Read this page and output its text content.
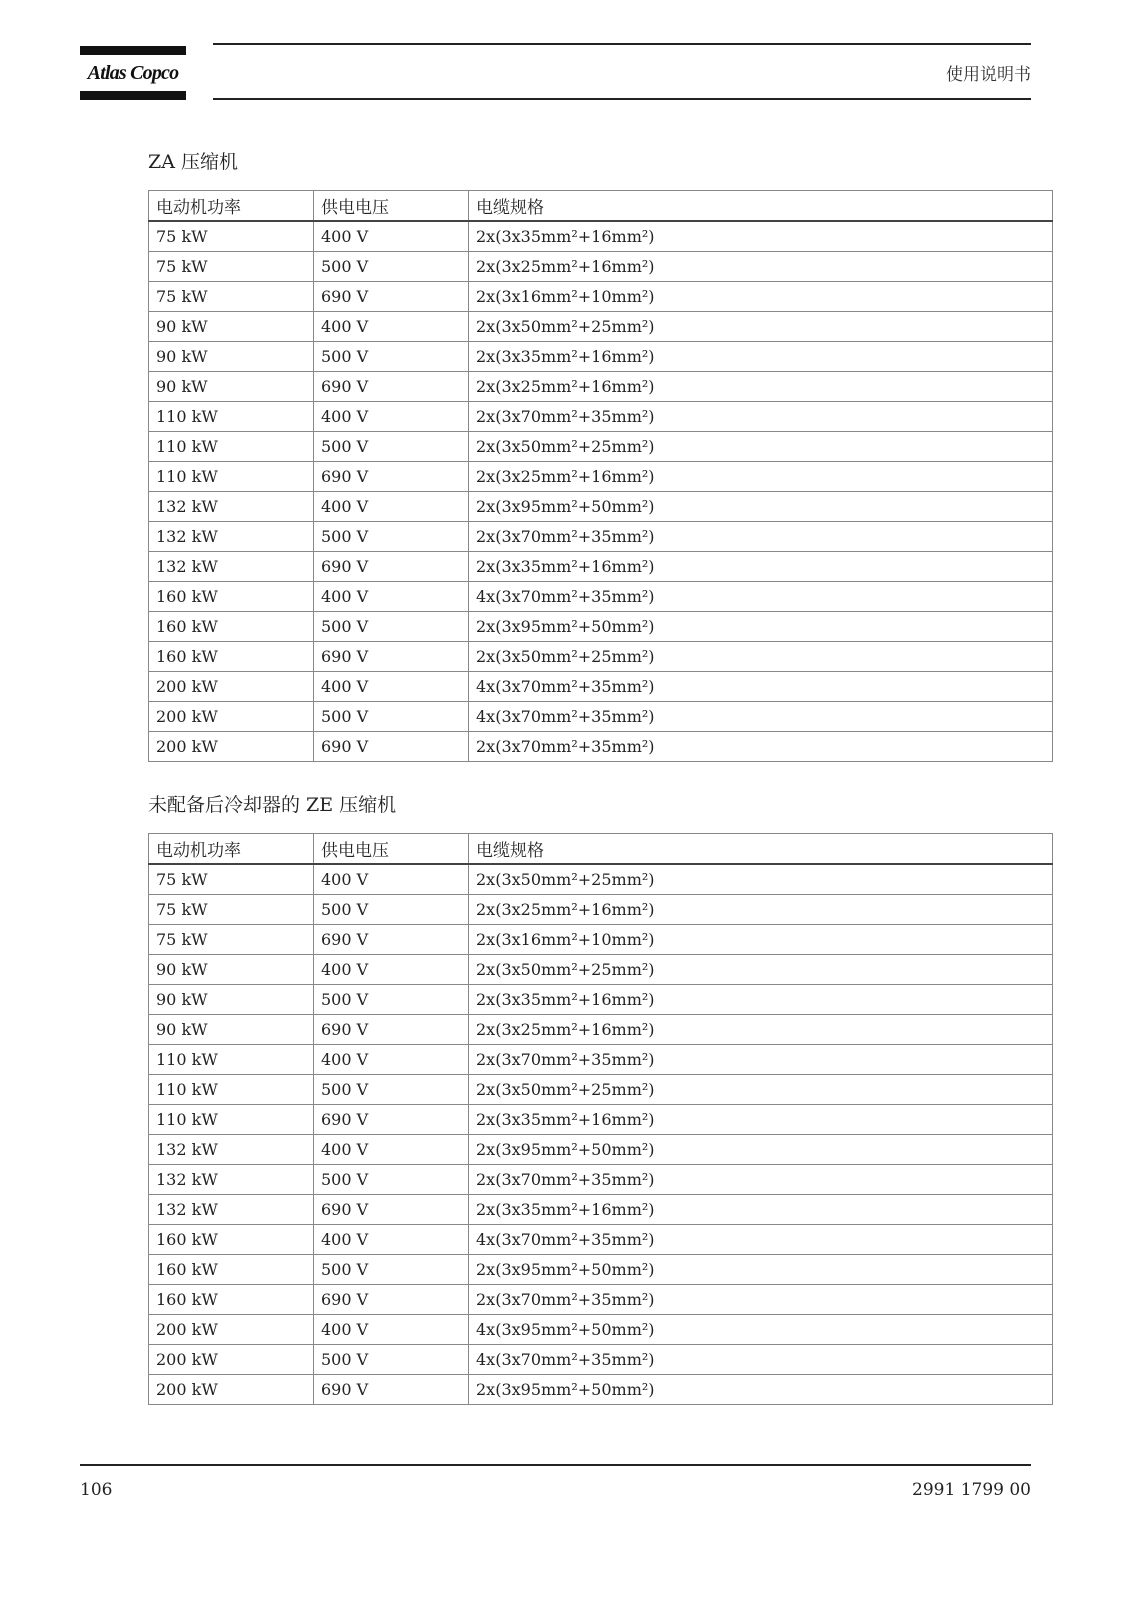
Atlas Copco	使用说明书
ZA 压缩机
电动机功率	供电电压	电缆规格
75 kW	400 V	2x(3x35mm²+16mm²)
75 kW	500 V	2x(3x25mm²+16mm²)
75 kW	690 V	2x(3x16mm²+10mm²)
90 kW	400 V	2x(3x50mm²+25mm²)
90 kW	500 V	2x(3x35mm²+16mm²)
90 kW	690 V	2x(3x25mm²+16mm²)
110 kW	400 V	2x(3x70mm²+35mm²)
110 kW	500 V	2x(3x50mm²+25mm²)
110 kW	690 V	2x(3x25mm²+16mm²)
132 kW	400 V	2x(3x95mm²+50mm²)
132 kW	500 V	2x(3x70mm²+35mm²)
132 kW	690 V	2x(3x35mm²+16mm²)
160 kW	400 V	4x(3x70mm²+35mm²)
160 kW	500 V	2x(3x95mm²+50mm²)
160 kW	690 V	2x(3x50mm²+25mm²)
200 kW	400 V	4x(3x70mm²+35mm²)
200 kW	500 V	4x(3x70mm²+35mm²)
200 kW	690 V	2x(3x70mm²+35mm²)
未配备后冷却器的 ZE 压缩机
电动机功率	供电电压	电缆规格
75 kW	400 V	2x(3x50mm²+25mm²)
75 kW	500 V	2x(3x25mm²+16mm²)
75 kW	690 V	2x(3x16mm²+10mm²)
90 kW	400 V	2x(3x50mm²+25mm²)
90 kW	500 V	2x(3x35mm²+16mm²)
90 kW	690 V	2x(3x25mm²+16mm²)
110 kW	400 V	2x(3x70mm²+35mm²)
110 kW	500 V	2x(3x50mm²+25mm²)
110 kW	690 V	2x(3x35mm²+16mm²)
132 kW	400 V	2x(3x95mm²+50mm²)
132 kW	500 V	2x(3x70mm²+35mm²)
132 kW	690 V	2x(3x35mm²+16mm²)
160 kW	400 V	4x(3x70mm²+35mm²)
160 kW	500 V	2x(3x95mm²+50mm²)
160 kW	690 V	2x(3x70mm²+35mm²)
200 kW	400 V	4x(3x95mm²+50mm²)
200 kW	500 V	4x(3x70mm²+35mm²)
200 kW	690 V	2x(3x95mm²+50mm²)
106	2991 1799 00
